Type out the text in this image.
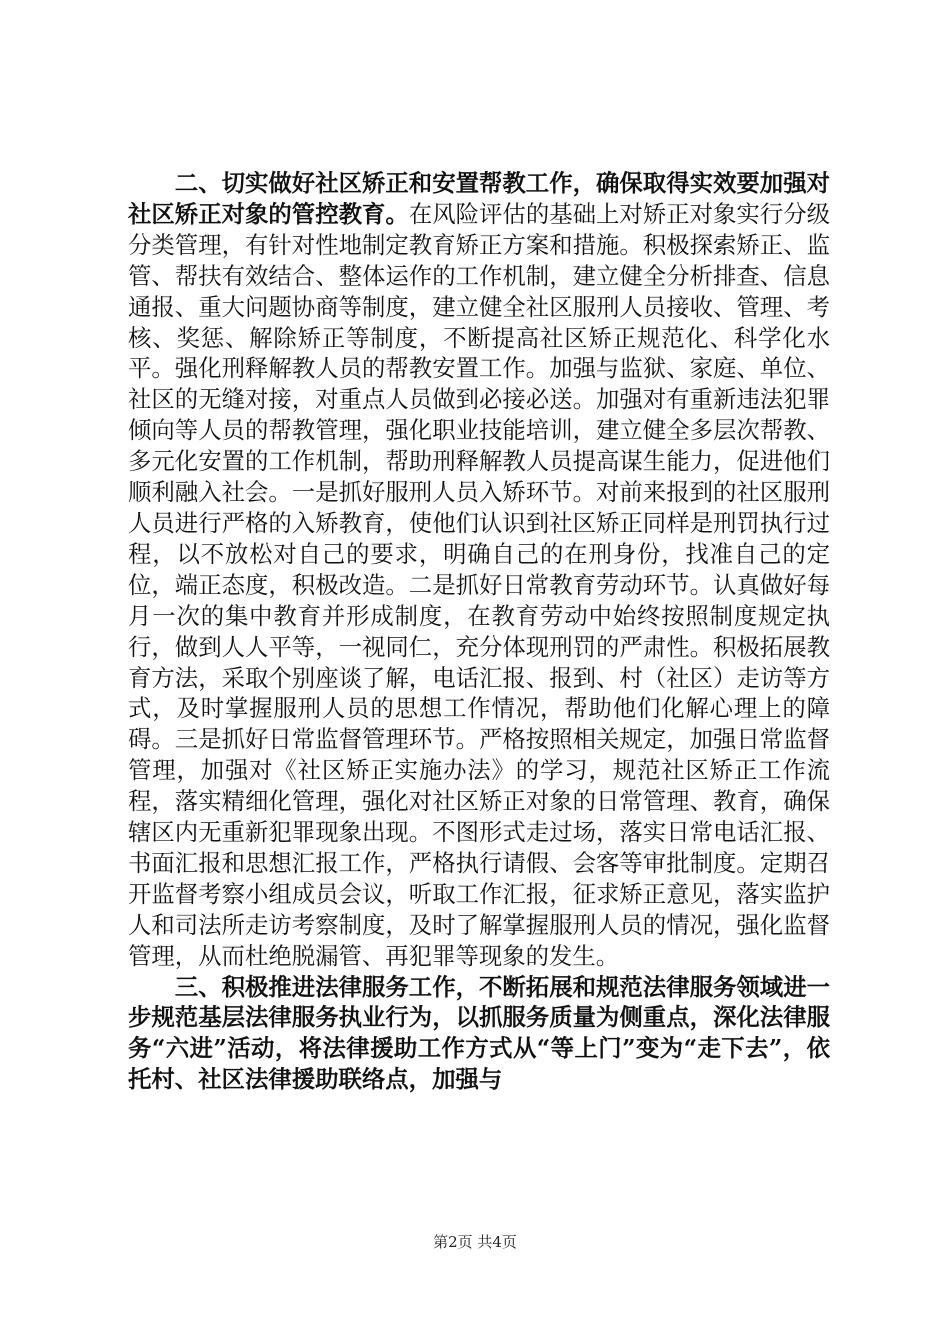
二、切实做好社区矫正和安置帮教工作，确保取得实效要加强对社区矫正对象的管控教育。在风险评估的基础上对矫正对象实行分级分类管理，有针对性地制定教育矫正方案和措施。积极探索矫正、监管、帮扶有效结合、整体运作的工作机制，建立健全分析排查、信息通报、重大问题协商等制度，建立健全社区服刑人员接收、管理、考核、奖惩、解除矫正等制度，不断提高社区矫正规范化、科学化水平。强化刑释解教人员的帮教安置工作。加强与监狱、家庭、单位、社区的无缝对接，对重点人员做到必接必送。加强对有重新违法犯罪倾向等人员的帮教管理，强化职业技能培训，建立健全多层次帮教、多元化安置的工作机制，帮助刑释解教人员提高谋生能力，促进他们顺利融入社会。一是抓好服刑人员入矫环节。对前来报到的社区服刑人员进行严格的入矫教育，使他们认识到社区矫正同样是刑罚执行过程，以不放松对自己的要求，明确自己的在刑身份，找准自己的定位，端正态度，积极改造。二是抓好日常教育劳动环节。认真做好每月一次的集中教育并形成制度，在教育劳动中始终按照制度规定执行，做到人人平等，一视同仁，充分体现刑罚的严肃性。积极拓展教育方法，采取个别座谈了解，电话汇报、报到、村（社区）走访等方式，及时掌握服刑人员的思想工作情况，帮助他们化解心理上的障碍。三是抓好日常监督管理环节。严格按照相关规定，加强日常监督管理，加强对《社区矫正实施办法》的学习，规范社区矫正工作流程，落实精细化管理，强化对社区矫正对象的日常管理、教育，确保辖区内无重新犯罪现象出现。不图形式走过场，落实日常电话汇报、书面汇报和思想汇报工作，严格执行请假、会客等审批制度。定期召开监督考察小组成员会议，听取工作汇报，征求矫正意见，落实监护人和司法所走访考察制度，及时了解掌握服刑人员的情况，强化监督管理，从而杜绝脱漏管、再犯罪等现象的发生。

三、积极推进法律服务工作，不断拓展和规范法律服务领域进一步规范基层法律服务执业行为，以抓服务质量为侧重点，深化法律服务“六进”活动，将法律援助工作方式从“等上门”变为“走下去”，依托村、社区法律援助联络点，加强与

第2页 共4页
